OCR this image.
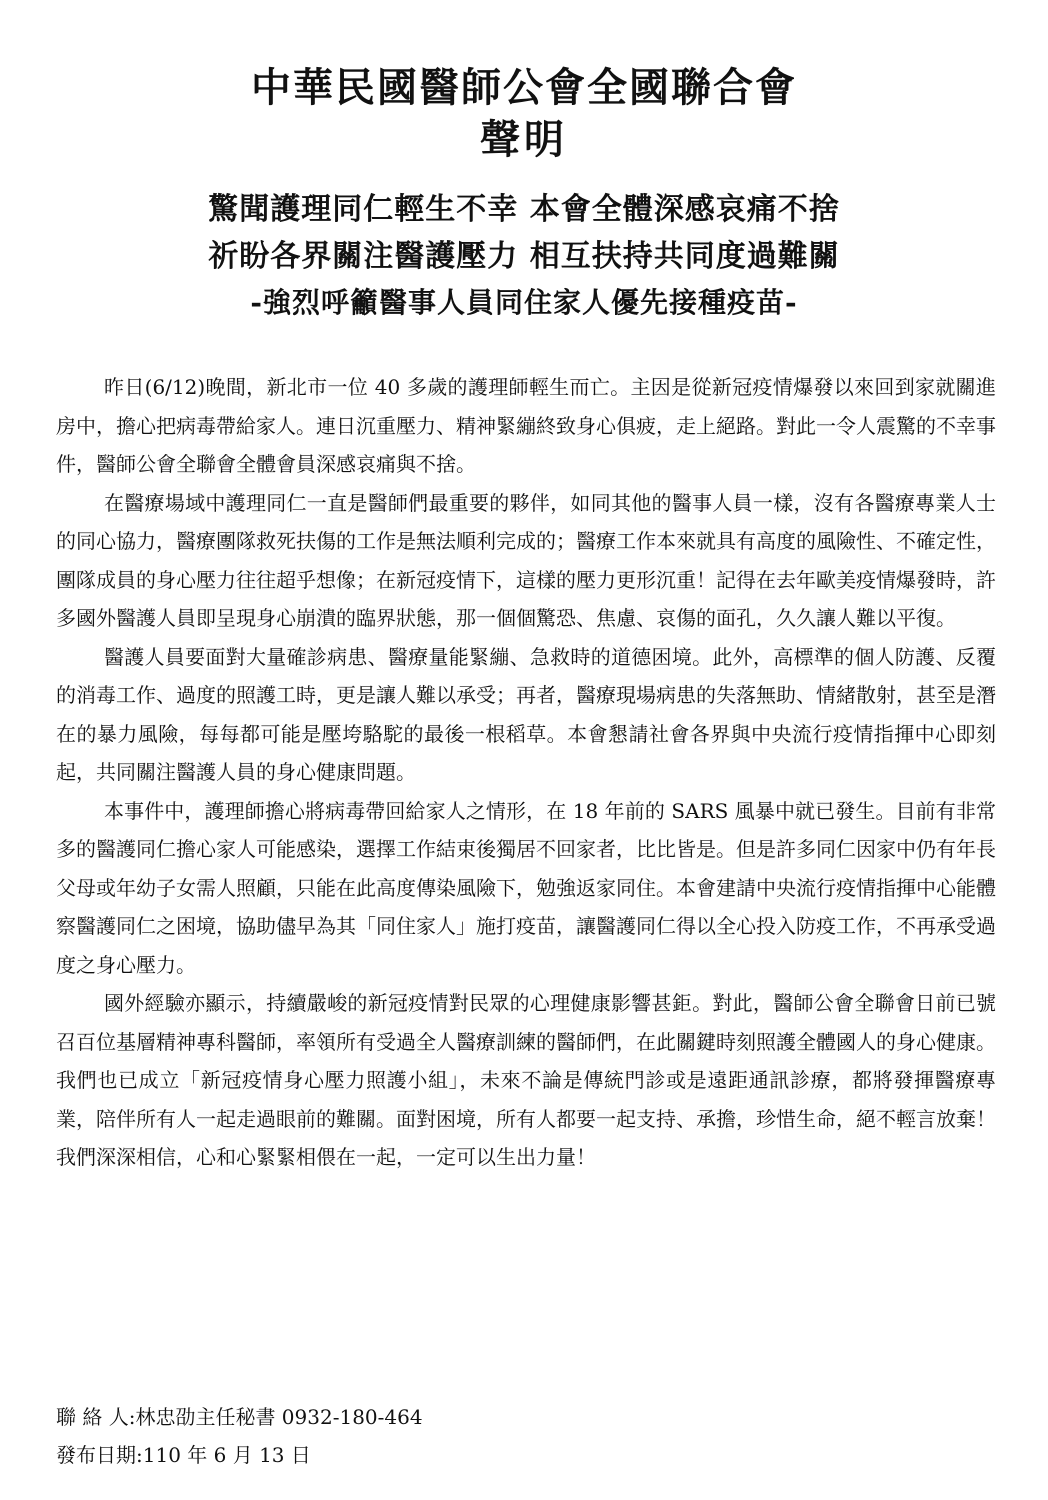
中華民國醫師公會全國聯合會
聲明
驚聞護理同仁輕生不幸 本會全體深感哀痛不捨
祈盼各界關注醫護壓力 相互扶持共同度過難關
-強烈呼籲醫事人員同住家人優先接種疫苗-

昨日(6/12)晚間，新北市一位 40 多歲的護理師輕生而亡。主因是從新冠疫情爆發以來回到家就關進房中，擔心把病毒帶給家人。連日沉重壓力、精神緊繃終致身心俱疲，走上絕路。對此一令人震驚的不幸事件，醫師公會全聯會全體會員深感哀痛與不捨。

在醫療場域中護理同仁一直是醫師們最重要的夥伴，如同其他的醫事人員一樣，沒有各醫療專業人士的同心協力，醫療團隊救死扶傷的工作是無法順利完成的；醫療工作本來就具有高度的風險性、不確定性，團隊成員的身心壓力往往超乎想像；在新冠疫情下，這樣的壓力更形沉重！記得在去年歐美疫情爆發時，許多國外醫護人員即呈現身心崩潰的臨界狀態，那一個個驚恐、焦慮、哀傷的面孔，久久讓人難以平復。

醫護人員要面對大量確診病患、醫療量能緊繃、急救時的道德困境。此外，高標準的個人防護、反覆的消毒工作、過度的照護工時，更是讓人難以承受；再者，醫療現場病患的失落無助、情緒散射，甚至是潛在的暴力風險，每每都可能是壓垮駱駝的最後一根稻草。本會懇請社會各界與中央流行疫情指揮中心即刻起，共同關注醫護人員的身心健康問題。

本事件中，護理師擔心將病毒帶回給家人之情形，在 18 年前的 SARS 風暴中就已發生。目前有非常多的醫護同仁擔心家人可能感染，選擇工作結束後獨居不回家者，比比皆是。但是許多同仁因家中仍有年長父母或年幼子女需人照顧，只能在此高度傳染風險下，勉強返家同住。本會建請中央流行疫情指揮中心能體察醫護同仁之困境，協助儘早為其「同住家人」施打疫苗，讓醫護同仁得以全心投入防疫工作，不再承受過度之身心壓力。

國外經驗亦顯示，持續嚴峻的新冠疫情對民眾的心理健康影響甚鉅。對此，醫師公會全聯會日前已號召百位基層精神專科醫師，率領所有受過全人醫療訓練的醫師們，在此關鍵時刻照護全體國人的身心健康。我們也已成立「新冠疫情身心壓力照護小組」，未來不論是傳統門診或是遠距通訊診療，都將發揮醫療專業，陪伴所有人一起走過眼前的難關。面對困境，所有人都要一起支持、承擔，珍惜生命，絕不輕言放棄！我們深深相信，心和心緊緊相偎在一起，一定可以生出力量！

聯 絡 人:林忠劭主任秘書 0932-180-464
發布日期:110 年 6 月 13 日
